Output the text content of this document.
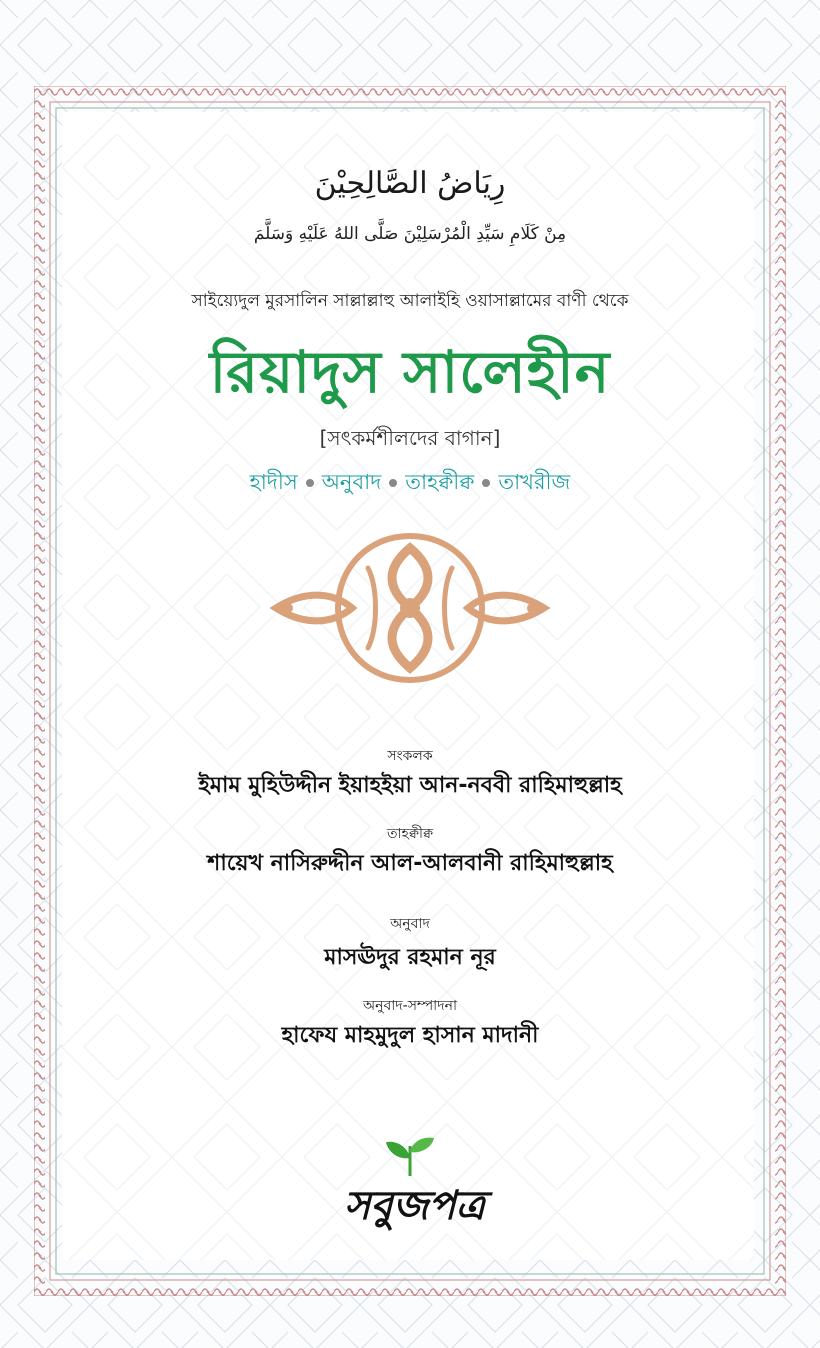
رِيَاضُ الصَّالِحِيْنَ
مِنْ كَلَامِ سَيِّدِ الْمُرْسَلِيْنَ صَلَّى اللهُ عَلَيْهِ وَسَلَّمَ
সাইয়্যেদুল মুরসালিন সাল্লাল্লাহু আলাইহি ওয়াসাল্লামের বাণী থেকে
রিয়াদুস সালেহীন
[সৎকর্মশীলদের বাগান]
হাদীস অনুবাদ তাহক্বীক্ব তাখরীজ
সংকলক
ইমাম মুহিউদ্দীন ইয়াহইয়া আন-নববী রাহিমাহুল্লাহ
তাহক্বীক্ব
শায়েখ নাসিরুদ্দীন আল-আলবানী রাহিমাহুল্লাহ
অনুবাদ
মাসঊদুর রহমান নূর
অনুবাদ-সম্পাদনা
হাফেয মাহমুদুল হাসান মাদানী
সবুজপত্র
